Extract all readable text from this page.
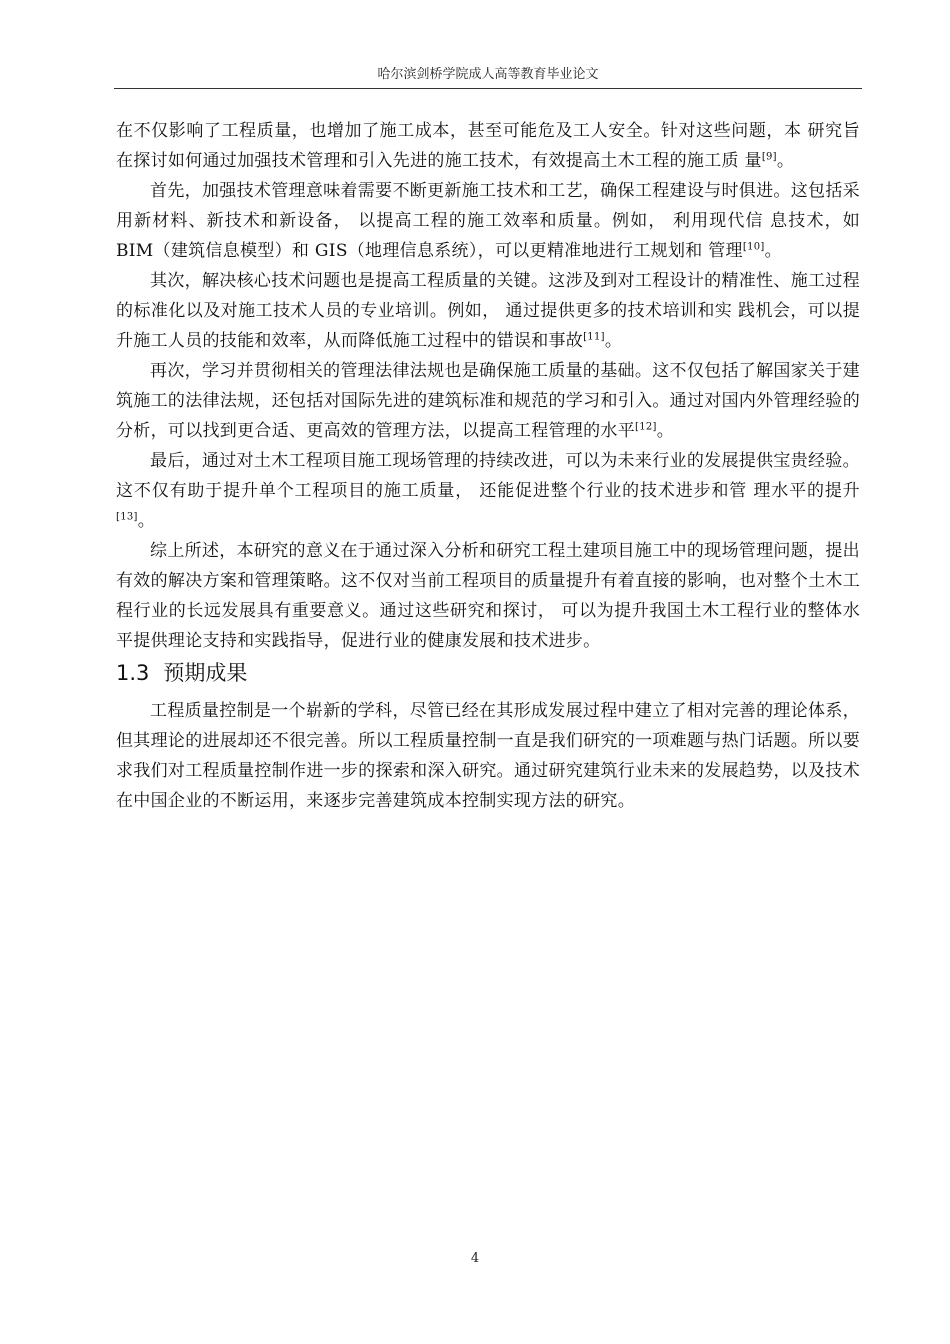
哈尔滨剑桥学院成人高等教育毕业论文

在不仅影响了工程质量，也增加了施工成本，甚至可能危及工人安全。针对这些问题，本 研究旨在探讨如何通过加强技术管理和引入先进的施工技术，有效提高土木工程的施工质 量[9]。

首先，加强技术管理意味着需要不断更新施工技术和工艺，确保工程建设与时俱进。这包括采用新材料、新技术和新设备， 以提高工程的施工效率和质量。例如， 利用现代信 息技术，如 BIM（建筑信息模型）和 GIS（地理信息系统），可以更精准地进行工规划和 管理[10]。

其次，解决核心技术问题也是提高工程质量的关键。这涉及到对工程设计的精准性、施工过程的标准化以及对施工技术人员的专业培训。例如， 通过提供更多的技术培训和实 践机会，可以提升施工人员的技能和效率，从而降低施工过程中的错误和事故[11]。

再次，学习并贯彻相关的管理法律法规也是确保施工质量的基础。这不仅包括了解国家关于建筑施工的法律法规，还包括对国际先进的建筑标准和规范的学习和引入。通过对国内外管理经验的分析，可以找到更合适、更高效的管理方法，以提高工程管理的水平[12]。

最后，通过对土木工程项目施工现场管理的持续改进，可以为未来行业的发展提供宝贵经验。这不仅有助于提升单个工程项目的施工质量， 还能促进整个行业的技术进步和管 理水平的提升[13]。

综上所述，本研究的意义在于通过深入分析和研究工程土建项目施工中的现场管理问题，提出有效的解决方案和管理策略。这不仅对当前工程项目的质量提升有着直接的影响，也对整个土木工程行业的长远发展具有重要意义。通过这些研究和探讨， 可以为提升我国土木工程行业的整体水平提供理论支持和实践指导，促进行业的健康发展和技术进步。

1.3 预期成果

工程质量控制是一个崭新的学科，尽管已经在其形成发展过程中建立了相对完善的理论体系，但其理论的进展却还不很完善。所以工程质量控制一直是我们研究的一项难题与热门话题。所以要求我们对工程质量控制作进一步的探索和深入研究。通过研究建筑行业未来的发展趋势，以及技术在中国企业的不断运用，来逐步完善建筑成本控制实现方法的研究。

4
